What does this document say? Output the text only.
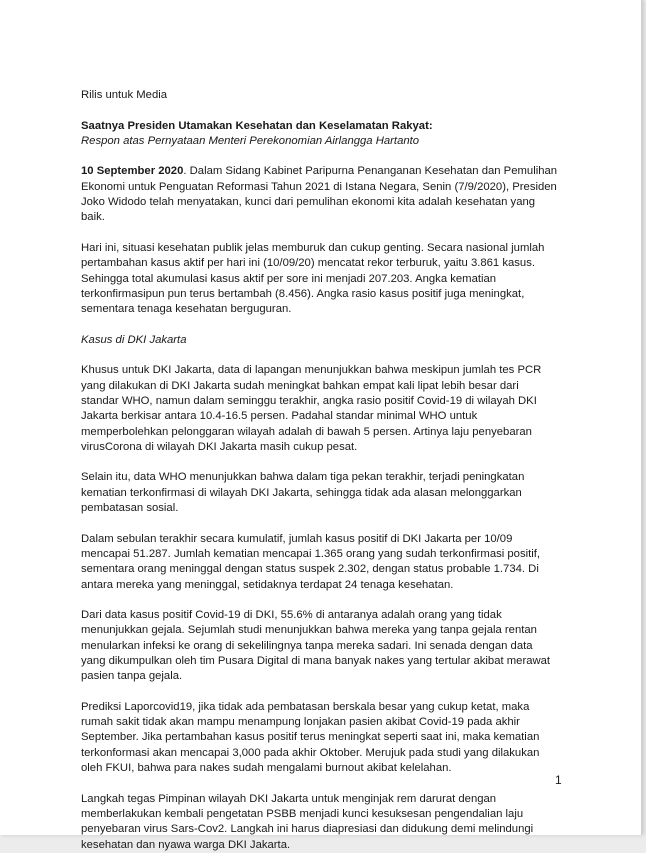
Rilis untuk Media

Saatnya Presiden Utamakan Kesehatan dan Keselamatan Rakyat:

Respon atas Pernyataan Menteri Perekonomian Airlangga Hartanto

10 September 2020. Dalam Sidang Kabinet Paripurna Penanganan Kesehatan dan Pemulihan Ekonomi untuk Penguatan Reformasi Tahun 2021 di Istana Negara, Senin (7/9/2020), Presiden Joko Widodo telah menyatakan, kunci dari pemulihan ekonomi kita adalah kesehatan yang baik.

Hari ini, situasi kesehatan publik jelas memburuk dan cukup genting. Secara nasional jumlah pertambahan kasus aktif per hari ini (10/09/20) mencatat rekor terburuk, yaitu 3.861 kasus. Sehingga total akumulasi kasus aktif per sore ini menjadi 207.203. Angka kematian terkonfirmasipun pun terus bertambah (8.456). Angka rasio kasus positif juga meningkat, sementara tenaga kesehatan berguguran.

Kasus di DKI Jakarta

Khusus untuk DKI Jakarta, data di lapangan menunjukkan bahwa meskipun jumlah tes PCR yang dilakukan di DKI Jakarta sudah meningkat bahkan empat kali lipat lebih besar dari standar WHO, namun dalam seminggu terakhir, angka rasio positif Covid-19 di wilayah DKI Jakarta berkisar antara 10.4-16.5 persen. Padahal standar minimal WHO untuk memperbolehkan pelonggaran wilayah adalah di bawah 5 persen. Artinya laju penyebaran virusCorona di wilayah DKI Jakarta masih cukup pesat.

Selain itu, data WHO menunjukkan bahwa dalam tiga pekan terakhir, terjadi peningkatan kematian terkonfirmasi di wilayah DKI Jakarta, sehingga tidak ada alasan melonggarkan pembatasan sosial.

Dalam sebulan terakhir secara kumulatif, jumlah kasus positif di DKI Jakarta per 10/09 mencapai 51.287. Jumlah kematian mencapai 1.365 orang yang sudah terkonfirmasi positif, sementara orang meninggal dengan status suspek 2.302, dengan status probable 1.734. Di antara mereka yang meninggal, setidaknya terdapat 24 tenaga kesehatan.

Dari data kasus positif Covid-19 di DKI, 55.6% di antaranya adalah orang yang tidak menunjukkan gejala. Sejumlah studi menunjukkan bahwa mereka yang tanpa gejala rentan menularkan infeksi ke orang di sekelilingnya tanpa mereka sadari. Ini senada dengan data yang dikumpulkan oleh tim Pusara Digital di mana banyak nakes yang tertular akibat merawat pasien tanpa gejala.

Prediksi Laporcovid19, jika tidak ada pembatasan berskala besar yang cukup ketat, maka rumah sakit tidak akan mampu menampung lonjakan pasien akibat Covid-19 pada akhir September. Jika pertambahan kasus positif terus meningkat seperti saat ini, maka kematian terkonformasi akan mencapai 3,000 pada akhir Oktober. Merujuk pada studi yang dilakukan oleh FKUI, bahwa para nakes sudah mengalami burnout akibat kelelahan.

Langkah tegas Pimpinan wilayah DKI Jakarta untuk menginjak rem darurat dengan memberlakukan kembali pengetatan PSBB menjadi kunci kesuksesan pengendalian laju penyebaran virus Sars-Cov2. Langkah ini harus diapresiasi dan didukung demi melindungi kesehatan dan nyawa warga DKI Jakarta.

1
